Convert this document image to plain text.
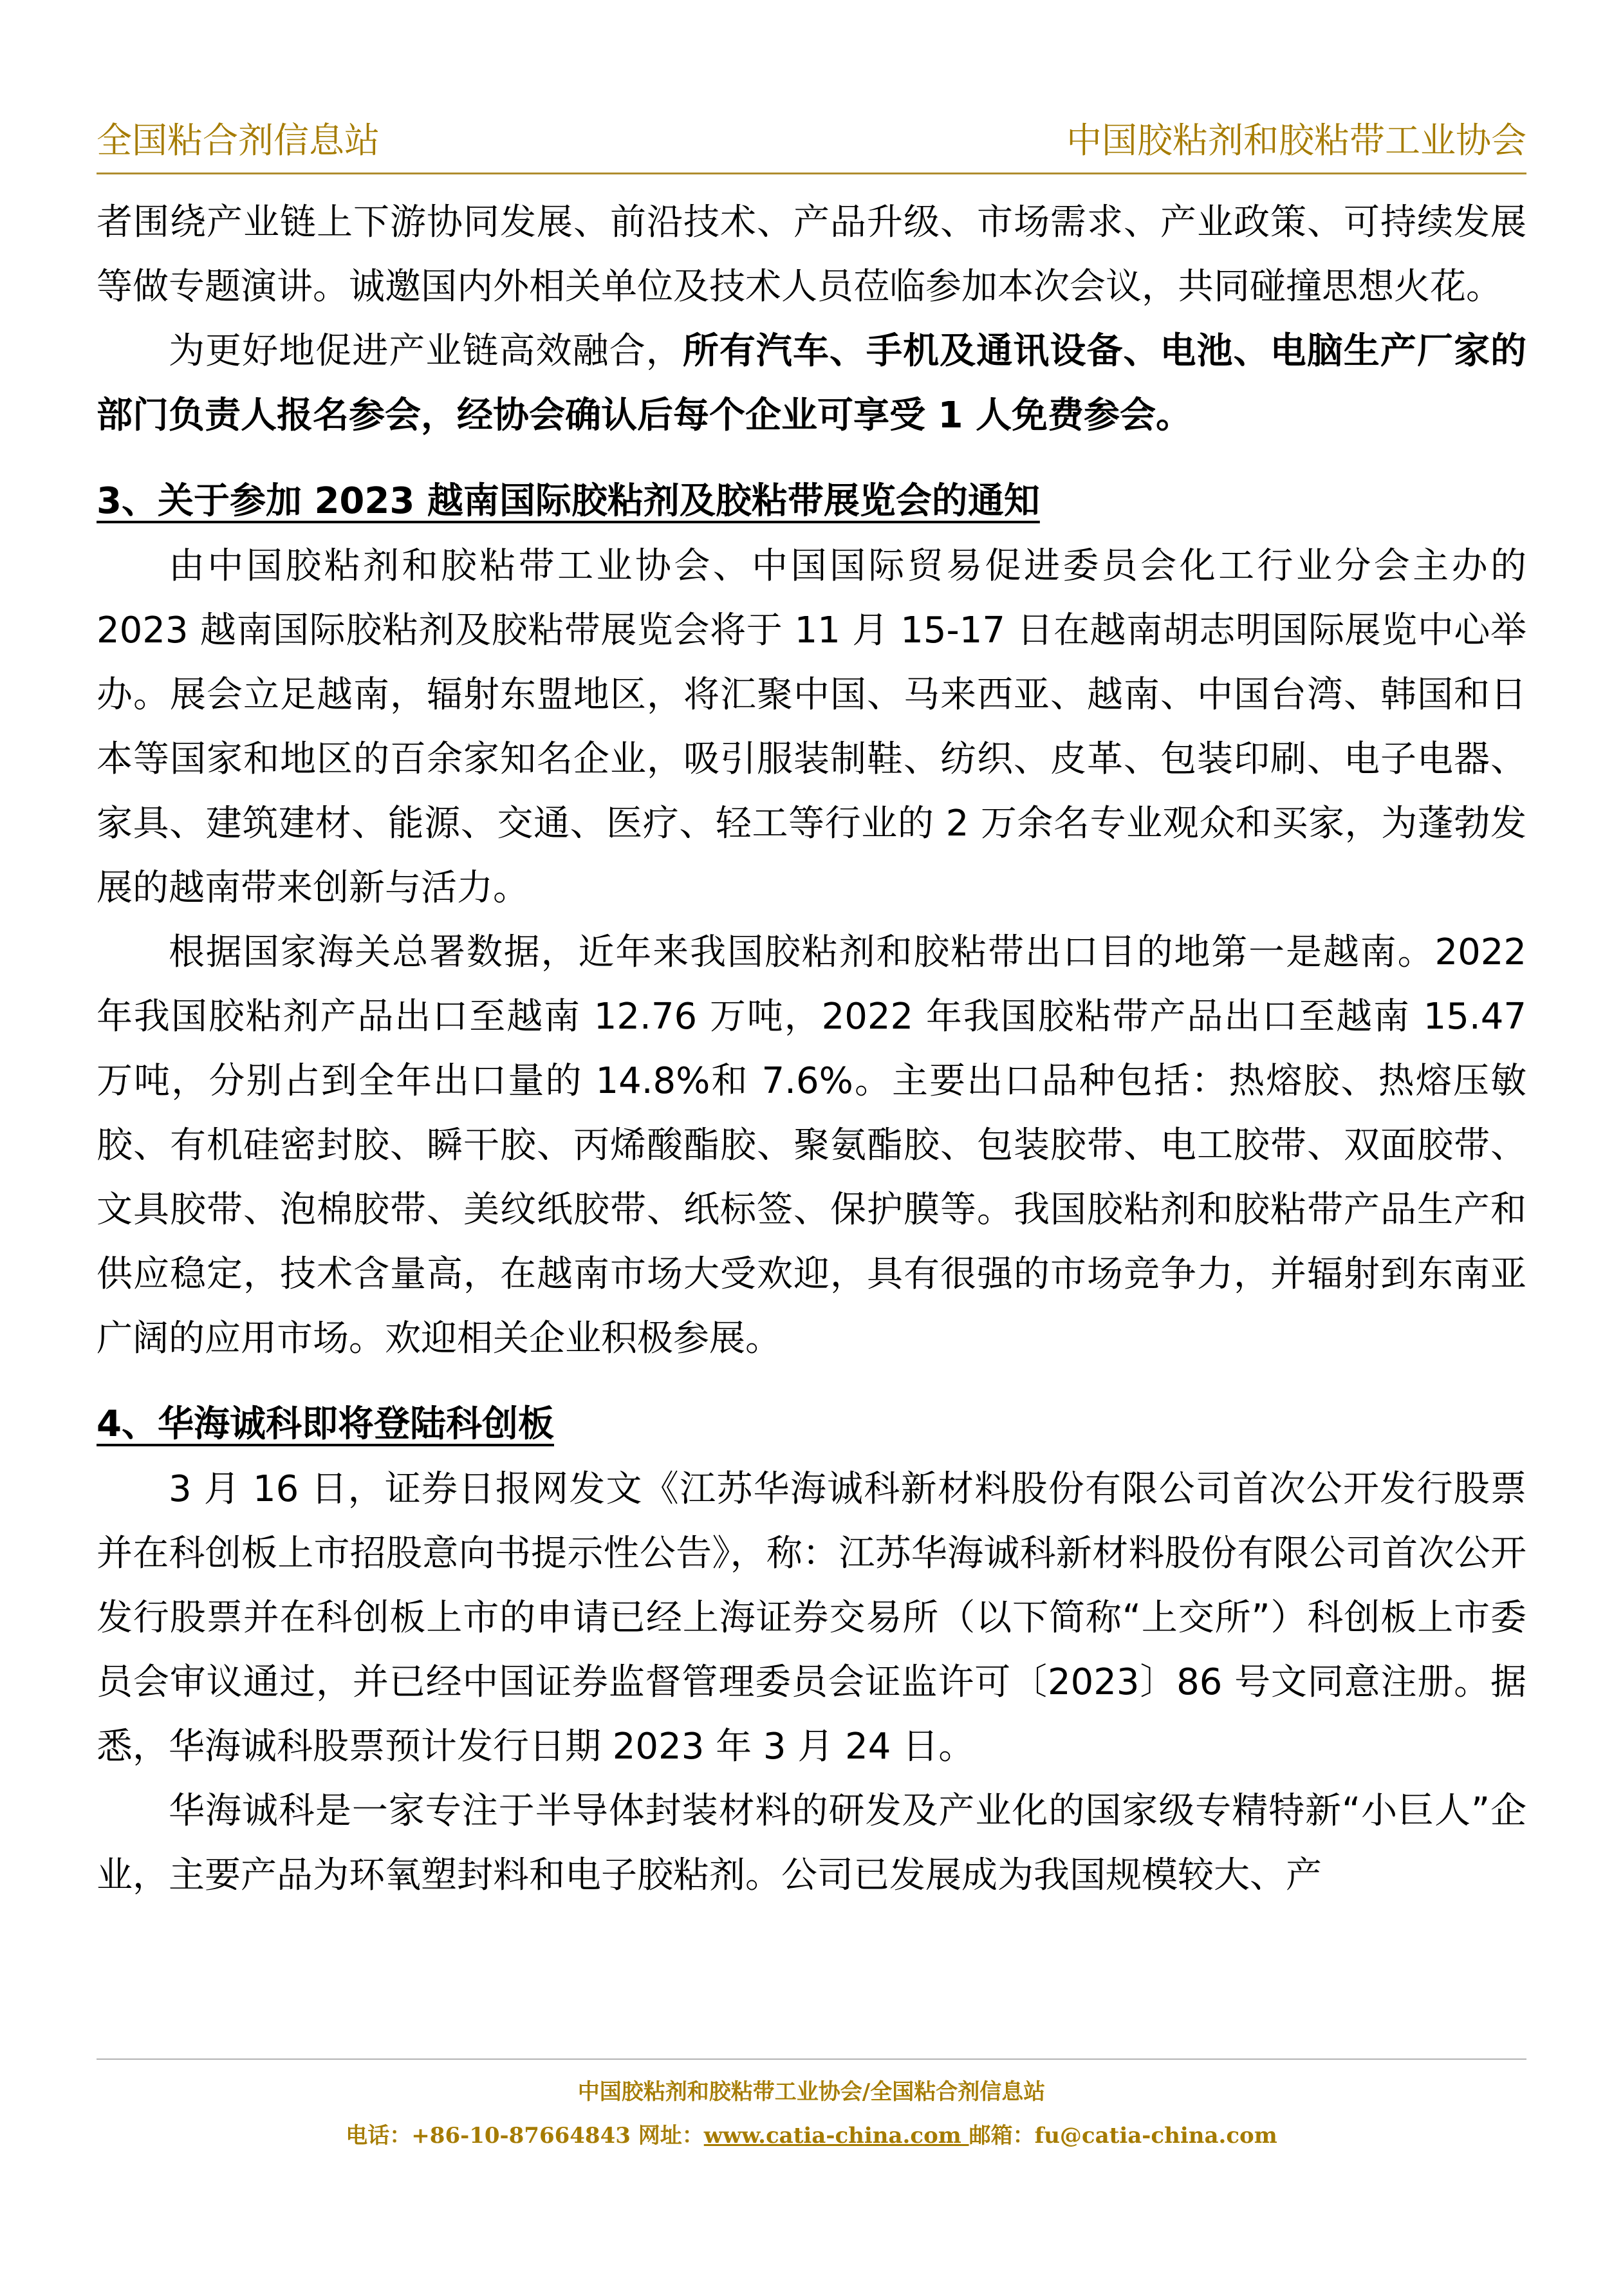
全国粘合剂信息站	中国胶粘剂和胶粘带工业协会

者围绕产业链上下游协同发展、前沿技术、产品升级、市场需求、产业政策、可持续发展等做专题演讲。诚邀国内外相关单位及技术人员莅临参加本次会议，共同碰撞思想火花。

为更好地促进产业链高效融合，所有汽车、手机及通讯设备、电池、电脑生产厂家的部门负责人报名参会，经协会确认后每个企业可享受 1 人免费参会。

3、关于参加 2023 越南国际胶粘剂及胶粘带展览会的通知

由中国胶粘剂和胶粘带工业协会、中国国际贸易促进委员会化工行业分会主办的 2023 越南国际胶粘剂及胶粘带展览会将于 11 月 15-17 日在越南胡志明国际展览中心举办。展会立足越南，辐射东盟地区，将汇聚中国、马来西亚、越南、中国台湾、韩国和日本等国家和地区的百余家知名企业，吸引服装制鞋、纺织、皮革、包装印刷、电子电器、家具、建筑建材、能源、交通、医疗、轻工等行业的 2 万余名专业观众和买家，为蓬勃发展的越南带来创新与活力。

根据国家海关总署数据，近年来我国胶粘剂和胶粘带出口目的地第一是越南。2022 年我国胶粘剂产品出口至越南 12.76 万吨，2022 年我国胶粘带产品出口至越南 15.47 万吨，分别占到全年出口量的 14.8%和 7.6%。主要出口品种包括：热熔胶、热熔压敏胶、有机硅密封胶、瞬干胶、丙烯酸酯胶、聚氨酯胶、包装胶带、电工胶带、双面胶带、文具胶带、泡棉胶带、美纹纸胶带、纸标签、保护膜等。我国胶粘剂和胶粘带产品生产和供应稳定，技术含量高，在越南市场大受欢迎，具有很强的市场竞争力，并辐射到东南亚广阔的应用市场。欢迎相关企业积极参展。

4、华海诚科即将登陆科创板

3 月 16 日，证券日报网发文《江苏华海诚科新材料股份有限公司首次公开发行股票并在科创板上市招股意向书提示性公告》，称：江苏华海诚科新材料股份有限公司首次公开发行股票并在科创板上市的申请已经上海证券交易所（以下简称“上交所”）科创板上市委员会审议通过，并已经中国证券监督管理委员会证监许可〔2023〕86 号文同意注册。据悉，华海诚科股票预计发行日期 2023 年 3 月 24 日。

华海诚科是一家专注于半导体封装材料的研发及产业化的国家级专精特新“小巨人”企业，主要产品为环氧塑封料和电子胶粘剂。公司已发展成为我国规模较大、产

中国胶粘剂和胶粘带工业协会/全国粘合剂信息站
电话：+86-10-87664843 网址：www.catia-china.com 邮箱：fu@catia-china.com
